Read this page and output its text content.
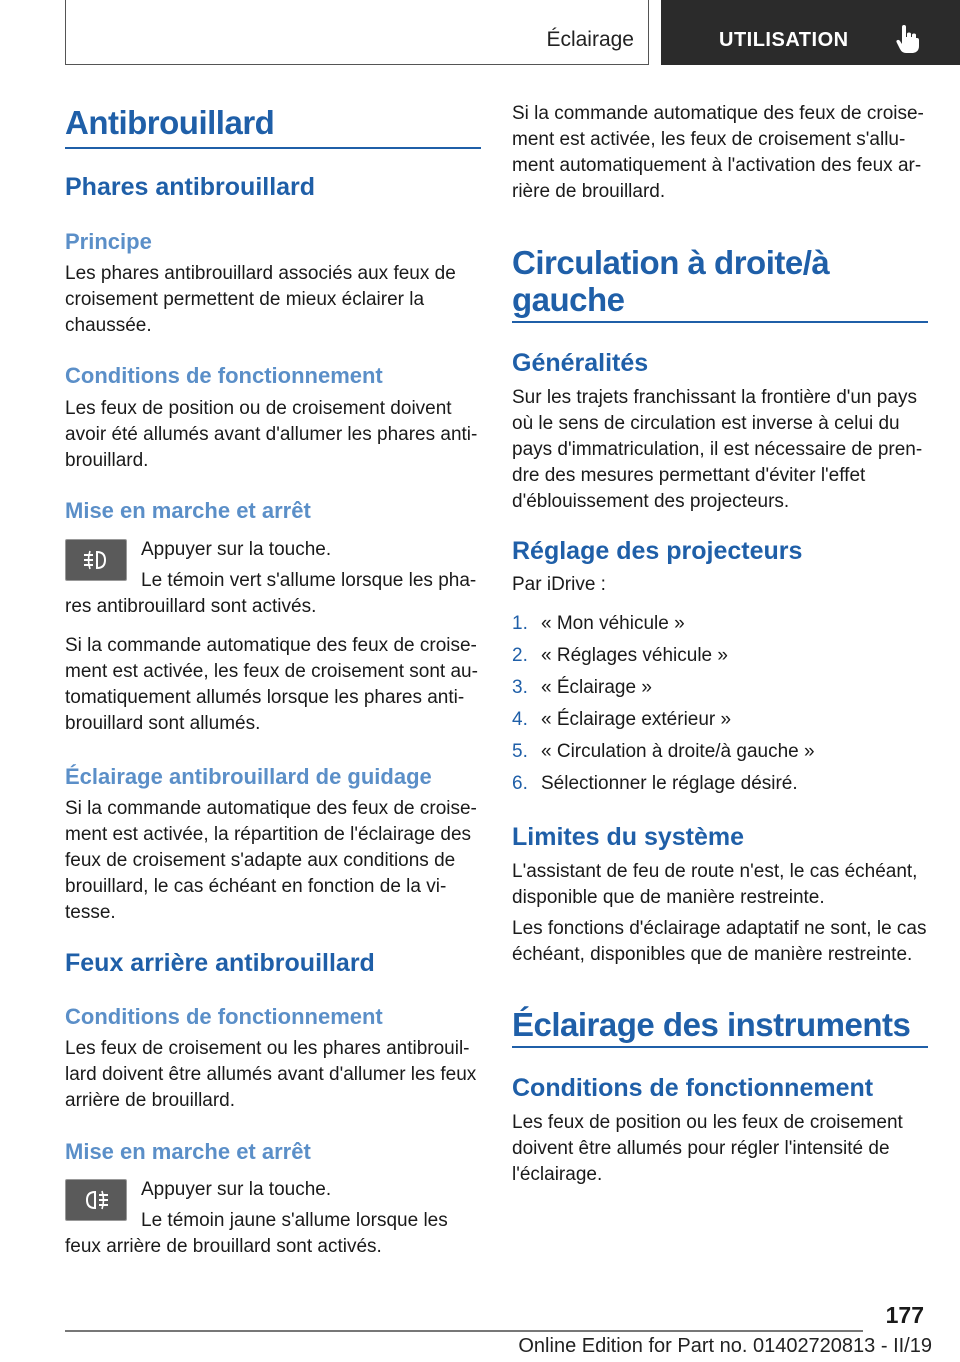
Éclairage	UTILISATION
Antibrouillard
Phares antibrouillard
Principe
Les phares antibrouillard associés aux feux de
croisement permettent de mieux éclairer la
chaussée.
Conditions de fonctionnement
Les feux de position ou de croisement doivent
avoir été allumés avant d'allumer les phares anti-
brouillard.
Mise en marche et arrêt
Appuyer sur la touche.
Le témoin vert s'allume lorsque les pha-
res antibrouillard sont activés.
Si la commande automatique des feux de croise-
ment est activée, les feux de croisement sont au-
tomatiquement allumés lorsque les phares anti-
brouillard sont allumés.
Éclairage antibrouillard de guidage
Si la commande automatique des feux de croise-
ment est activée, la répartition de l'éclairage des
feux de croisement s'adapte aux conditions de
brouillard, le cas échéant en fonction de la vi-
tesse.
Feux arrière antibrouillard
Conditions de fonctionnement
Les feux de croisement ou les phares antibrouil-
lard doivent être allumés avant d'allumer les feux
arrière de brouillard.
Mise en marche et arrêt
Appuyer sur la touche.
Le témoin jaune s'allume lorsque les
feux arrière de brouillard sont activés.
Si la commande automatique des feux de croise-
ment est activée, les feux de croisement s'allu-
ment automatiquement à l'activation des feux ar-
rière de brouillard.
Circulation à droite/à
gauche
Généralités
Sur les trajets franchissant la frontière d'un pays
où le sens de circulation est inverse à celui du
pays d'immatriculation, il est nécessaire de pren-
dre des mesures permettant d'éviter l'effet
d'éblouissement des projecteurs.
Réglage des projecteurs
Par iDrive :
1. « Mon véhicule »
2. « Réglages véhicule »
3. « Éclairage »
4. « Éclairage extérieur »
5. « Circulation à droite/à gauche »
6. Sélectionner le réglage désiré.
Limites du système
L'assistant de feu de route n'est, le cas échéant,
disponible que de manière restreinte.
Les fonctions d'éclairage adaptatif ne sont, le cas
échéant, disponibles que de manière restreinte.
Éclairage des instruments
Conditions de fonctionnement
Les feux de position ou les feux de croisement
doivent être allumés pour régler l'intensité de
l'éclairage.
177
Online Edition for Part no. 01402720813 - II/19
